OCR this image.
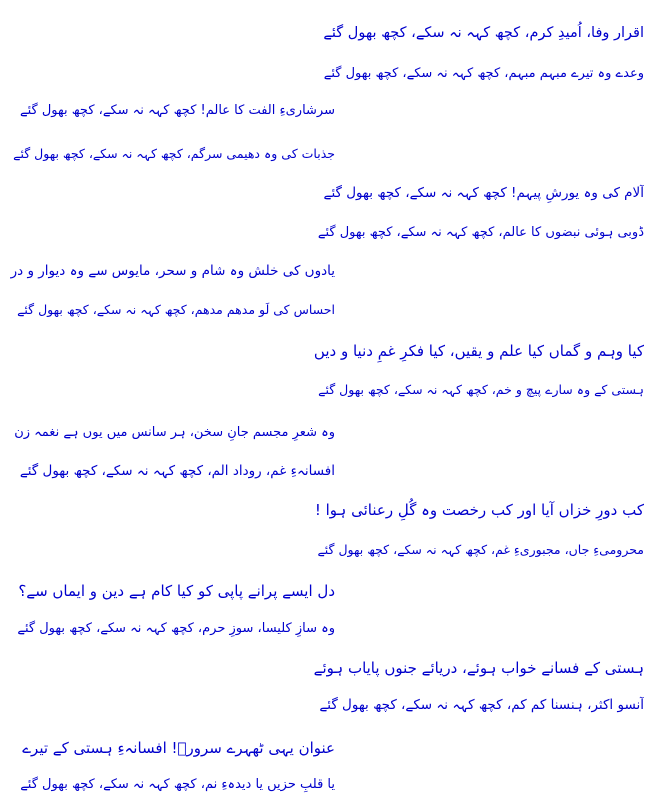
اقرار وفا، اُمیدِ کرم، کچھ کہہ نہ سکے، کچھ بھول گئے
وعدے وہ تیرے مبہم مبہم، کچھ کہہ نہ سکے، کچھ بھول گئے
سرشاریءِ الفت کا عالم! کچھ کہہ نہ سکے، کچھ بھول گئے
جذبات کی وہ دھیمی سرگم، کچھ کہہ نہ سکے، کچھ بھول گئے
آلام کی وہ یورشِ پیہم! کچھ کہہ نہ سکے، کچھ بھول گئے
ڈوبی ہوئی نبضوں کا عالم، کچھ کہہ نہ سکے، کچھ بھول گئے
یادوں کی خلش وہ شام و سحر، مایوس سے وہ دیوار و در
احساس کی لَو مدھم مدھم، کچھ کہہ نہ سکے، کچھ بھول گئے
کیا وہم و گماں کیا علم و یقیں، کیا فکرِ غمِ دنیا و دیں
ہستی کے وہ سارے پیچ و خم، کچھ کہہ نہ سکے، کچھ بھول گئے
وہ شعرِ مجسم جانِ سخن، ہر سانس میں یوں ہے نغمہ زن
افسانہءِ غم، روداد الم، کچھ کہہ نہ سکے، کچھ بھول گئے
کب دورِ خزاں آیا اور کب رخصت وہ گُلِ رعنائی ہوا !
محرومیءِ جاں، مجبوریءِ غم، کچھ کہہ نہ سکے، کچھ بھول گئے
دل ایسے پرانے پاپی کو کیا کام ہے دین و ایماں سے؟
وہ سازِ کلیسا، سوزِ حرم، کچھ کہہ نہ سکے، کچھ بھول گئے
ہستی کے فسانے خواب ہوئے، دریائے جنوں پایاب ہوئے
آنسو اکثر، ہنسنا کم کم، کچھ کہہ نہ سکے، کچھ بھول گئے
عنوان یہی ٹھہرے سرورؔ! افسانہءِ ہستی کے تیرے
یا قلبِ حزیں یا دیدہءِ نم، کچھ کہہ نہ سکے، کچھ بھول گئے
